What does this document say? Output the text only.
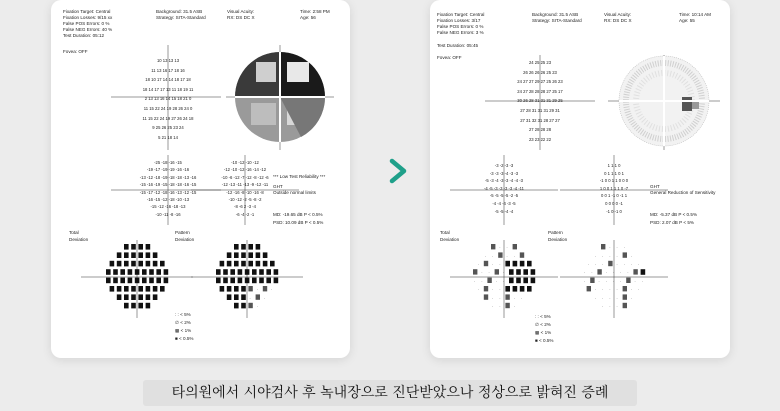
Fixation Target: Central
Fixation Losses: 9/15 xx
False POS Errors: 0 %
False NEG Errors: 40 %
Test Duration: 05:12
Fovea: OFF
Background: 31.5 ASB
Strategy: SITA-Standard
Visual Acuity:
RX: DS DC X
Time: 2:58 PM
Age: 56
·	·
·	·
·
10 13 13 13
11 13 16 17 18 16
18 10 17 14 14 18 17 18
18 14 17 17 13 11 18 19 11
2 13 13 16 14 15 18 21 0
11 15 22 24 19 28 26 24 0
11 15 22 24 19 27 26 24 18
9 25 26 25 23 24
5 21 18 14
-25 -18 -16 -15
-19 -17 -19 -19 -16 -16
-13 -12 -18 -19 -18 -18 -13 -16
-15 -16 -19 -15 -18 -18 -16 -15
-15 -17 -12 -18 -16 -13 -12 -15
-16 -15 -12 -18 -10 -13
-15 -12 -16 -18 -13
-10 -11 -8 -16
-10 -12 -10 -12
-12 -10 -12 -16 -14 -12
-10 -6 -12 -7 -12 -8 -12 -6
-12 -13 -11 -13 -9 -12 -11
-12 -16 -8 -10 -16 -8
-10 -12 -2 -5 -8 -2
-8 -6 2 -3 -4
-6 -4 -2 -1
*** Low Test Reliability ***
GHT
Outside normal limits
MD: -19.65 dB P < 0.5%
PSD: 10.09 dB P < 0.5%
Total
Deviation
Pattern
Deviation
: : < 5%
∅ < 2%
▩ < 1%
■ < 0.5%
Fixation Target: Central
Fixation Losses: 3/17
False POS Errors: 0 %
False NEG Errors: 3 %
Test Duration: 05:45
Fovea: OFF
Background: 31.5 ASB
Strategy: SITA-Standard
Visual Acuity:
RX: DS DC X
Time: 10:14 AM
Age: 55
· ·
· ·	· ·
·	· ·
· ·	·
· ·	· ·
·	· ·
· ·	· ·
· ·	·
· · ·
· · · ·	·
· · ·	· · · ·
· ·	· · · ·
·	· · · ·	· ·
· · · ·	· ·
· · · ·	·
· · ·
24 25 25 23
26 26 26 26 25 23
24 27 27 29 27 25 26 23
24 27 28 28 28 27 25 17
30 26 28 31 31 31 29 25
27 28 31 31 31 29 31
27 31 32 31 28 27 27
27 28 28 28
23 23 22 22
-3 -2 -3 -3
-3 -3 -3 -4 -3 -3
-5 -3 -4 -3 -3 -4 -4 -3
-4 -5 -3 -3 -3 -3 -4 -11
-5 -5 -5 -5 -2 -5
-4 -4 -4 -3 -5
-5 -5 -4 -4
1 1 1 0
0 1 1 1 0 1
-1 0 0 1 1 0 0 0
1 0 0 1 1 1 0 -7
0 0 1 -1 0 -1 1
0 0 0 0 -1
-1 0 -1 0
GHT
General Reduction of Sensitivity
MD: -5.37 dB P < 0.5%
PSD: 2.07 dB P < 5%
Total
Deviation
Pattern
Deviation
: : < 5%
∅ < 2%
▩ < 1%
■ < 0.5%
타의원에서 시야검사 후 녹내장으로 진단받았으나 정상으로 밝혀진 증례
